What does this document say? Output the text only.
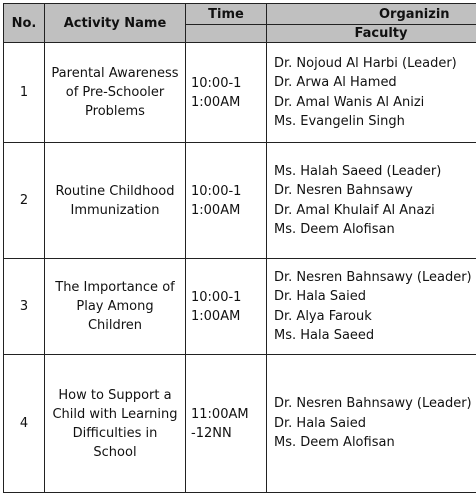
No.	Activity Name
Time	Organizin
Faculty
1
Parental Awareness of Pre-Schooler Problems
10:00-11:00AM
Dr. Nojoud Al Harbi (Leader)
Dr. Arwa Al Hamed
Dr. Amal Wanis Al Anizi
Ms. Evangelin Singh
2
Routine Childhood Immunization
10:00-11:00AM
Ms. Halah Saeed (Leader)
Dr. Nesren Bahnsawy
Dr. Amal Khulaif Al Anazi
Ms. Deem Alofisan
3
The Importance of Play Among Children
10:00-11:00AM
Dr. Nesren Bahnsawy (Leader)
Dr. Hala Saied
Dr. Alya Farouk
Ms. Hala Saeed
4
How to Support a Child with Learning Difficulties in School
11:00AM-12NN
Dr. Nesren Bahnsawy (Leader)
Dr. Hala Saied
Ms. Deem Alofisan
